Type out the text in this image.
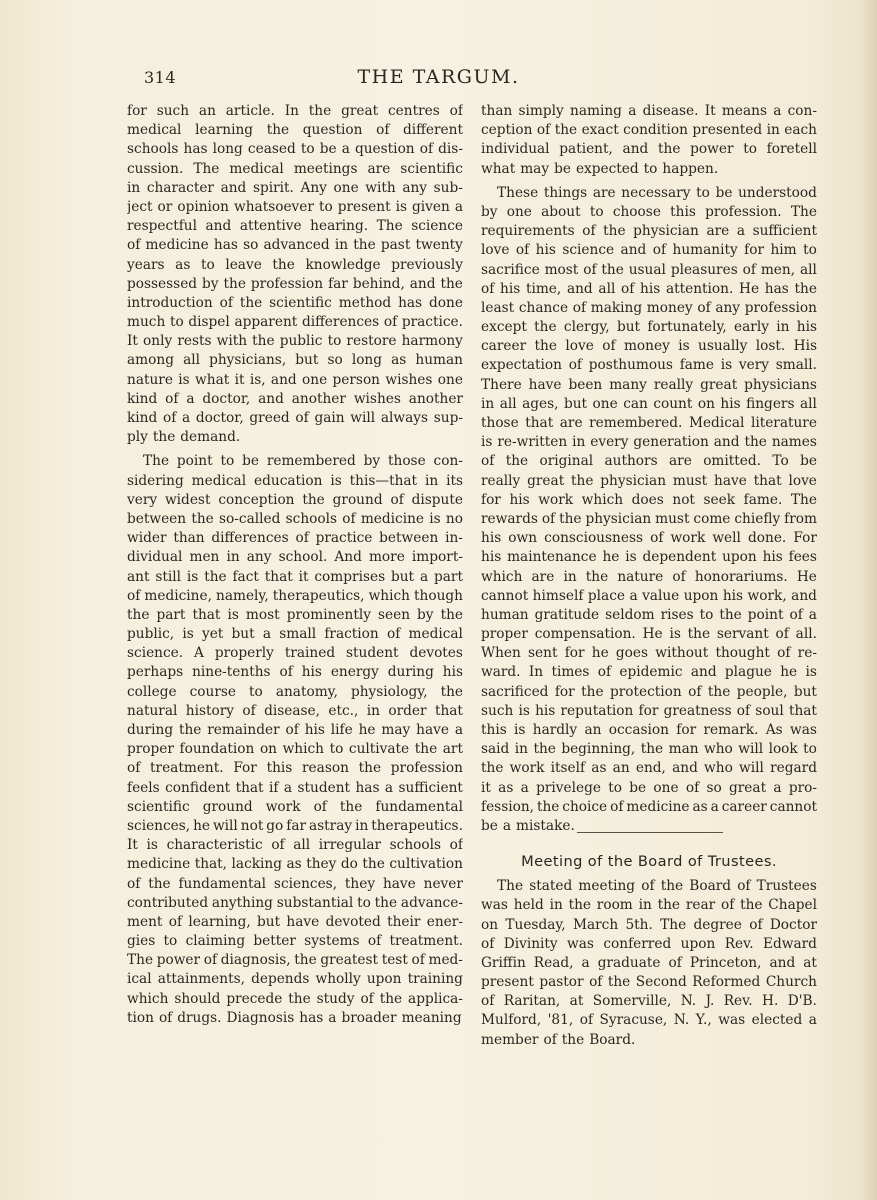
314	THE TARGUM.
for such an article. In the great centres of
medical learning the question of different
schools has long ceased to be a question of dis-
cussion. The medical meetings are scientific
in character and spirit. Any one with any sub-
ject or opinion whatsoever to present is given a
respectful and attentive hearing. The science
of medicine has so advanced in the past twenty
years as to leave the knowledge previously
possessed by the profession far behind, and the
introduction of the scientific method has done
much to dispel apparent differences of practice.
It only rests with the public to restore harmony
among all physicians, but so long as human
nature is what it is, and one person wishes one
kind of a doctor, and another wishes another
kind of a doctor, greed of gain will always sup-
ply the demand.
The point to be remembered by those con-
sidering medical education is this—that in its
very widest conception the ground of dispute
between the so-called schools of medicine is no
wider than differences of practice between in-
dividual men in any school. And more import-
ant still is the fact that it comprises but a part
of medicine, namely, therapeutics, which though
the part that is most prominently seen by the
public, is yet but a small fraction of medical
science. A properly trained student devotes
perhaps nine-tenths of his energy during his
college course to anatomy, physiology, the
natural history of disease, etc., in order that
during the remainder of his life he may have a
proper foundation on which to cultivate the art
of treatment. For this reason the profession
feels confident that if a student has a sufficient
scientific ground work of the fundamental
sciences, he will not go far astray in therapeutics.
It is characteristic of all irregular schools of
medicine that, lacking as they do the cultivation
of the fundamental sciences, they have never
contributed anything substantial to the advance-
ment of learning, but have devoted their ener-
gies to claiming better systems of treatment.
The power of diagnosis, the greatest test of med-
ical attainments, depends wholly upon training
which should precede the study of the applica-
tion of drugs. Diagnosis has a broader meaning
than simply naming a disease. It means a con-
ception of the exact condition presented in each
individual patient, and the power to foretell
what may be expected to happen.
These things are necessary to be understood
by one about to choose this profession. The
requirements of the physician are a sufficient
love of his science and of humanity for him to
sacrifice most of the usual pleasures of men, all
of his time, and all of his attention. He has the
least chance of making money of any profession
except the clergy, but fortunately, early in his
career the love of money is usually lost. His
expectation of posthumous fame is very small.
There have been many really great physicians
in all ages, but one can count on his fingers all
those that are remembered. Medical literature
is re-written in every generation and the names
of the original authors are omitted. To be
really great the physician must have that love
for his work which does not seek fame. The
rewards of the physician must come chiefly from
his own consciousness of work well done. For
his maintenance he is dependent upon his fees
which are in the nature of honorariums. He
cannot himself place a value upon his work, and
human gratitude seldom rises to the point of a
proper compensation. He is the servant of all.
When sent for he goes without thought of re-
ward. In times of epidemic and plague he is
sacrificed for the protection of the people, but
such is his reputation for greatness of soul that
this is hardly an occasion for remark. As was
said in the beginning, the man who will look to
the work itself as an end, and who will regard
it as a privelege to be one of so great a pro-
fession, the choice of medicine as a career cannot
be a mistake.
Meeting of the Board of Trustees.
The stated meeting of the Board of Trustees
was held in the room in the rear of the Chapel
on Tuesday, March 5th. The degree of Doctor
of Divinity was conferred upon Rev. Edward
Griffin Read, a graduate of Princeton, and at
present pastor of the Second Reformed Church
of Raritan, at Somerville, N. J. Rev. H. D'B.
Mulford, '81, of Syracuse, N. Y., was elected a
member of the Board.
